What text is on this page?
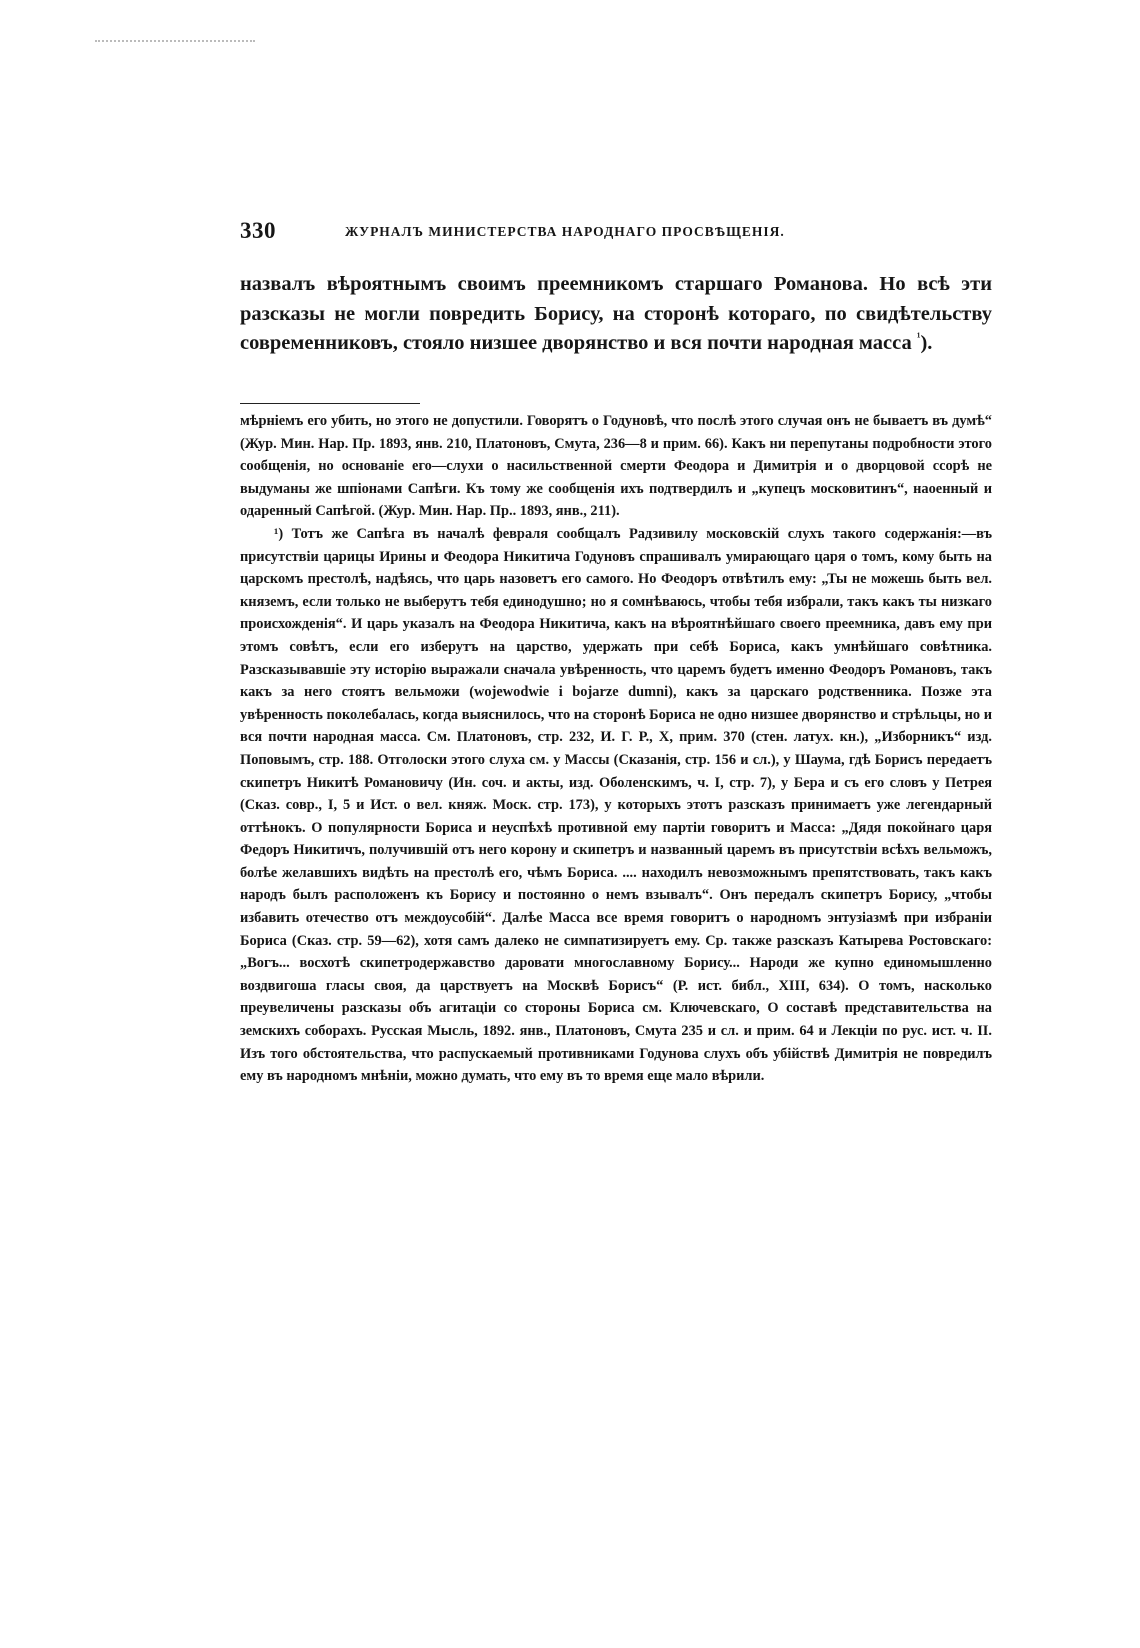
330	ЖУРНАЛЪ МИНИСТЕРСТВА НАРОДНАГО ПРОСВѢЩЕНІЯ.

назвалъ вѣроятнымъ своимъ преемникомъ старшаго Романова. Но всѣ эти разсказы не могли повредить Борису, на сторонѣ котораго, по свидѣтельству современниковъ, стояло низшее дворянство и вся почти народная масса $^{^1}$).

мѣрніемъ его убить, но этого не допустили. Говорятъ о Годуновѣ, что послѣ этого случая онъ не бываетъ въ думѣ“ (Жур. Мин. Нар. Пр. 1893, янв. 210, Платоновъ, Смута, 236—8 и прим. 66). Какъ ни перепутаны подробности этого сообщенія, но основаніе его—слухи о насильственной смерти Феодора и Димитрія и о дворцовой ссорѣ не выдуманы же шпіонами Сапѣги. Къ тому же сообщенія ихъ подтвердилъ и „купецъ московитинъ“, наоенный и одаренный Сапѣгой. (Жур. Мин. Нар. Пр.. 1893, янв., 211).

¹) Тотъ же Сапѣга въ началѣ февраля сообщалъ Радзивилу московскій слухъ такого содержанія:—въ присутствіи царицы Ирины и Феодора Никитича Годуновъ спрашивалъ умирающаго царя о томъ, кому быть на царскомъ престолѣ, надѣясь, что царь назоветъ его самого. Но Феодоръ отвѣтилъ ему: „Ты не можешь быть вел. княземъ, если только не выберутъ тебя единодушно; но я сомнѣваюсь, чтобы тебя избрали, такъ какъ ты низкаго происхожденія“. И царь указалъ на Феодора Никитича, какъ на вѣроятнѣйшаго своего преемника, давъ ему при этомъ совѣтъ, если его изберутъ на царство, удержать при себѣ Бориса, какъ умнѣйшаго совѣтника. Разсказывавшіе эту исторію выражали сначала увѣренность, что царемъ будетъ именно Феодоръ Романовъ, такъ какъ за него стоятъ вельможи (wojewodwie i bojarze dumni), какъ за царскаго родственника. Позже эта увѣренность поколебалась, когда выяснилось, что на сторонѣ Бориса не одно низшее дворянство и стрѣльцы, но и вся почти народная масса. См. Платоновъ, стр. 232, И. Г. Р., X, прим. 370 (стен. латух. кн.), „Изборникъ“ изд. Поповымъ, стр. 188. Отголоски этого слуха см. у Массы (Сказанія, стр. 156 и сл.), у Шаума, гдѣ Борисъ передаетъ скипетръ Никитѣ Романовичу (Ин. соч. и акты, изд. Оболенскимъ, ч. I, стр. 7), у Бера и съ его словъ у Петрея (Сказ. совр., I, 5 и Ист. о вел. княж. Моск. стр. 173), у которыхъ этотъ разсказъ принимаетъ уже легендарный оттѣнокъ. О популярности Бориса и неуспѣхѣ противной ему партіи говоритъ и Масса: „Дядя покойнаго царя Федоръ Никитичъ, получившій отъ него корону и скипетръ и названный царемъ въ присутствіи всѣхъ вельможъ, болѣе желавшихъ видѣть на престолѣ его, чѣмъ Бориса. .... находилъ невозможнымъ препятствовать, такъ какъ народъ былъ расположенъ къ Борису и постоянно о немъ взывалъ“. Онъ передалъ скипетръ Борису, „чтобы избавить отечество отъ междоусобій“. Далѣе Масса все время говоритъ о народномъ энтузіазмѣ при избраніи Бориса (Сказ. стр. 59—62), хотя самъ далеко не симпатизируетъ ему. Ср. также разсказъ Катырева Ростовскаго: „Вогъ... восхотѣ скипетродержавство даровати многославному Борису... Народи же купно единомышленно воздвигоша гласы своя, да царствуетъ на Москвѣ Борисъ“ (Р. ист. библ., XIII, 634). О томъ, насколько преувеличены разсказы объ агитаціи со стороны Бориса см. Ключевскаго, О составѣ представительства на земскихъ соборахъ. Русская Мысль, 1892. янв., Платоновъ, Смута 235 и сл. и прим. 64 и Лекціи по рус. ист. ч. II. Изъ того обстоятельства, что распускаемый противниками Годунова слухъ объ убійствѣ Димитрія не повредилъ ему въ народномъ мнѣніи, можно думать, что ему въ то время еще мало вѣрили.
